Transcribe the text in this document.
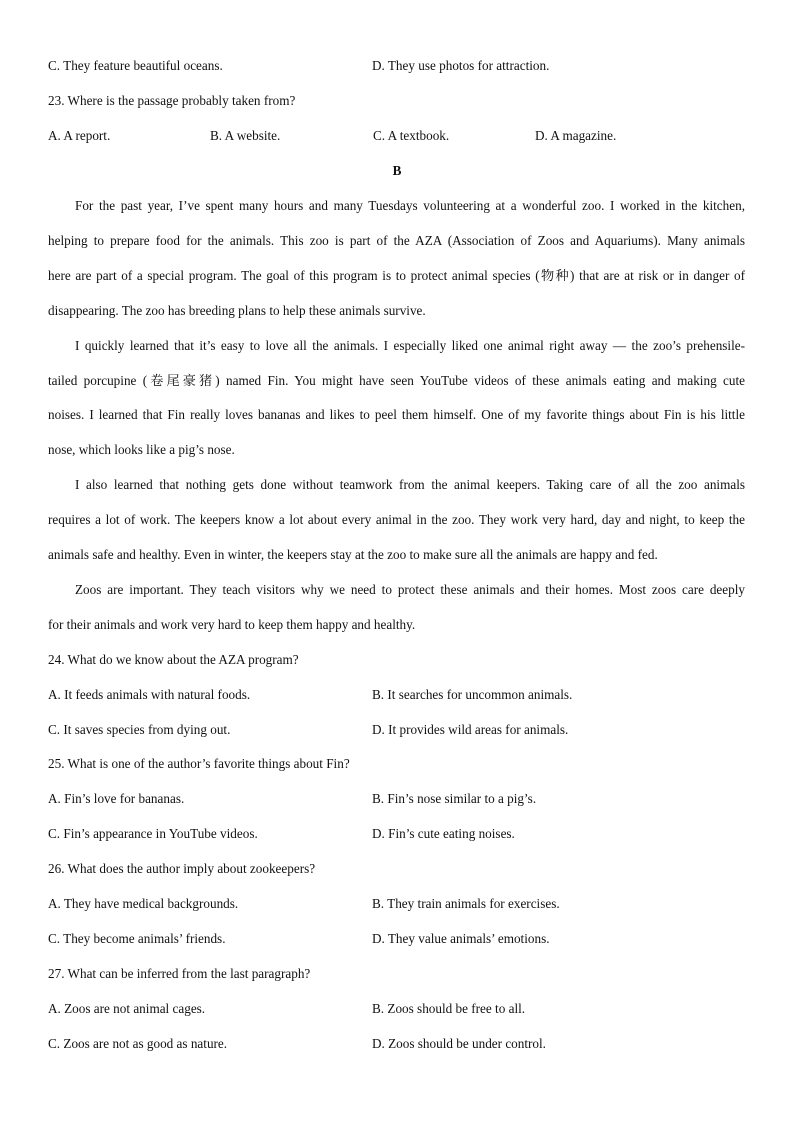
C. They feature beautiful oceans.	D. They use photos for attraction.
23. Where is the passage probably taken from?
A. A report.	B. A website.	C. A textbook.	D. A magazine.
B
For the past year, I’ve spent many hours and many Tuesdays volunteering at a wonderful zoo. I worked in the kitchen,
helping to prepare food for the animals. This zoo is part of the AZA (Association of Zoos and Aquariums). Many animals
here are part of a special program. The goal of this program is to protect animal species (物种) that are at risk or in danger of
disappearing. The zoo has breeding plans to help these animals survive.
I quickly learned that it’s easy to love all the animals. I especially liked one animal right away — the zoo’s prehensile-
tailed porcupine (卷尾豪猪) named Fin. You might have seen YouTube videos of these animals eating and making cute
noises. I learned that Fin really loves bananas and likes to peel them himself. One of my favorite things about Fin is his little
nose, which looks like a pig’s nose.
I also learned that nothing gets done without teamwork from the animal keepers. Taking care of all the zoo animals
requires a lot of work. The keepers know a lot about every animal in the zoo. They work very hard, day and night, to keep the
animals safe and healthy. Even in winter, the keepers stay at the zoo to make sure all the animals are happy and fed.
Zoos are important. They teach visitors why we need to protect these animals and their homes. Most zoos care deeply
for their animals and work very hard to keep them happy and healthy.
24. What do we know about the AZA program?
A. It feeds animals with natural foods.	B. It searches for uncommon animals.
C. It saves species from dying out.	D. It provides wild areas for animals.
25. What is one of the author’s favorite things about Fin?
A. Fin’s love for bananas.	B. Fin’s nose similar to a pig’s.
C. Fin’s appearance in YouTube videos.	D. Fin’s cute eating noises.
26. What does the author imply about zookeepers?
A. They have medical backgrounds.	B. They train animals for exercises.
C. They become animals’ friends.	D. They value animals’ emotions.
27. What can be inferred from the last paragraph?
A. Zoos are not animal cages.	B. Zoos should be free to all.
C. Zoos are not as good as nature.	D. Zoos should be under control.
